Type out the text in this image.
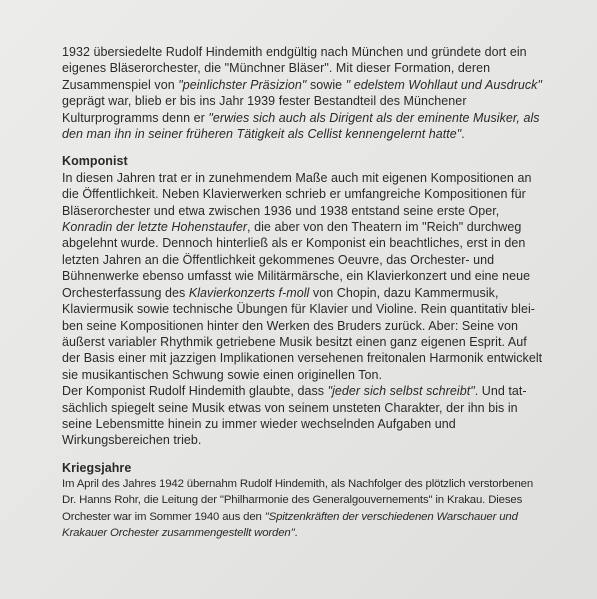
1932 übersiedelte Rudolf Hindemith endgültig nach München und gründete dort ein
eigenes Bläserorchester, die "Münchner Bläser". Mit dieser Formation, deren
Zusammenspiel von "peinlichster Präsizion" sowie " edelstem Wohllaut und Ausdruck"
geprägt war, blieb er bis ins Jahr 1939 fester Bestandteil des Münchener
Kulturprogramms denn er "erwies sich auch als Dirigent als der eminente Musiker, als
den man ihn in seiner früheren Tätigkeit als Cellist kennengelernt hatte".
Komponist
In diesen Jahren trat er in zunehmendem Maße auch mit eigenen Kompositionen an
die Öffentlichkeit. Neben Klavierwerken schrieb er umfangreiche Kompositionen für
Bläserorchester und etwa zwischen 1936 und 1938 entstand seine erste Oper,
Konradin der letzte Hohenstaufer, die aber von den Theatern im "Reich" durchweg
abgelehnt wurde. Dennoch hinterließ als er Komponist ein beachtliches, erst in den
letzten Jahren an die Öffentlichkeit gekommenes Oeuvre, das Orchester- und
Bühnenwerke ebenso umfasst wie Militärmärsche, ein Klavierkonzert und eine neue
Orchesterfassung des Klavierkonzerts f-moll von Chopin, dazu Kammermusik,
Klaviermusik sowie technische Übungen für Klavier und Violine. Rein quantitativ blei-
ben seine Kompositionen hinter den Werken des Bruders zurück. Aber: Seine von
äußerst variabler Rhythmik getriebene Musik besitzt einen ganz eigenen Esprit. Auf
der Basis einer mit jazzigen Implikationen versehenen freitonalen Harmonik entwickelt
sie musikantischen Schwung sowie einen originellen Ton.
Der Komponist Rudolf Hindemith glaubte, dass "jeder sich selbst schreibt". Und tat-
sächlich spiegelt seine Musik etwas von seinem unsteten Charakter, der ihn bis in
seine Lebensmitte hinein zu immer wieder wechselnden Aufgaben und
Wirkungsbereichen trieb.
Kriegsjahre
Im April des Jahres 1942 übernahm Rudolf Hindemith, als Nachfolger des plötzlich verstorbenen
Dr. Hanns Rohr, die Leitung der "Philharmonie des Generalgouvernements" in Krakau. Dieses
Orchester war im Sommer 1940 aus den "Spitzenkräften der verschiedenen Warschauer und
Krakauer Orchester zusammengestellt worden".
